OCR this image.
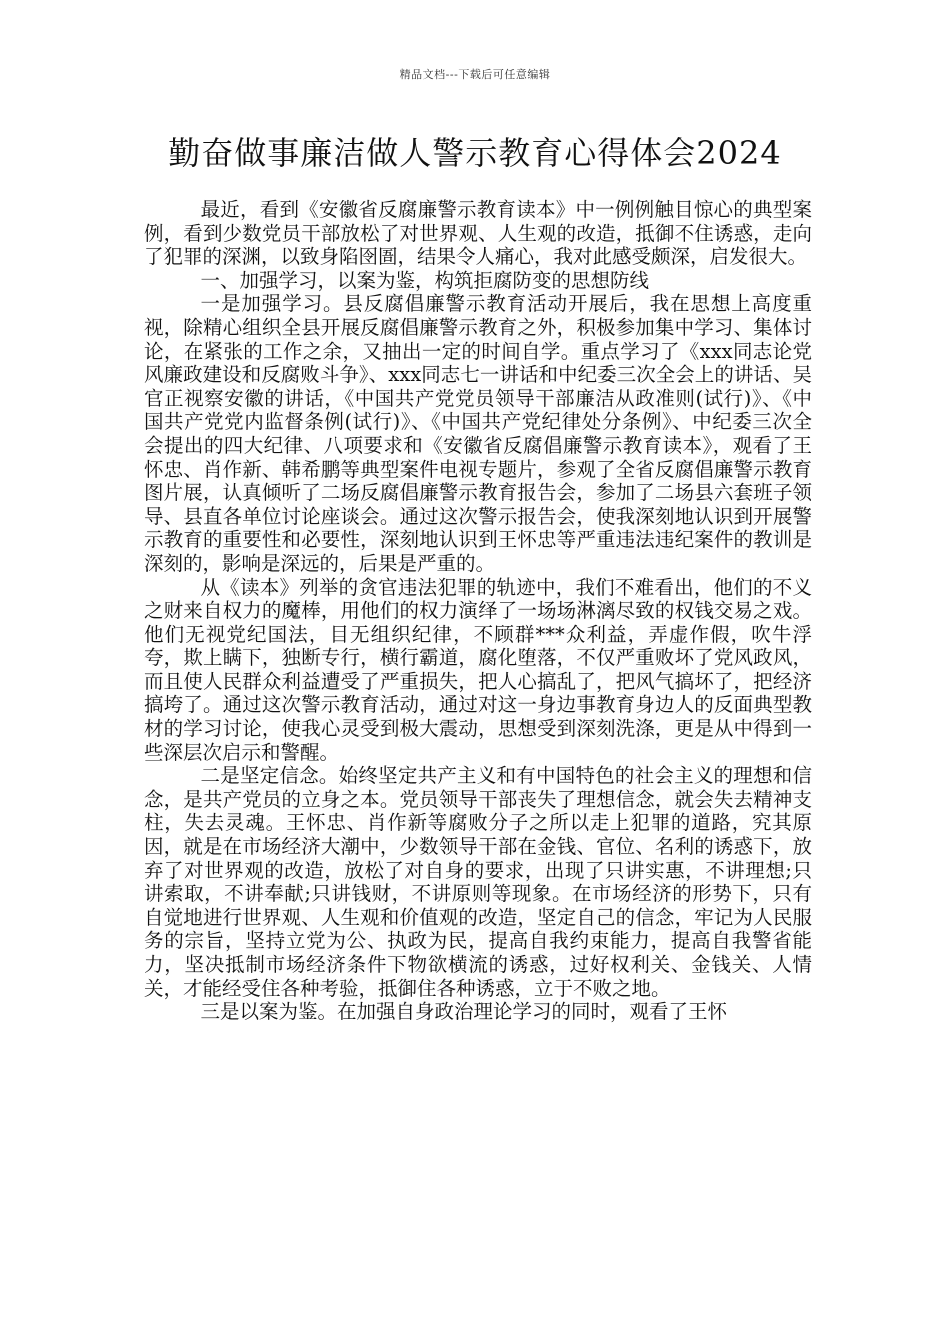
精品文档---下载后可任意编辑
勤奋做事廉洁做人警示教育心得体会2024

最近，看到《安徽省反腐廉警示教育读本》中一例例触目惊心的典型案例，看到少数党员干部放松了对世界观、人生观的改造，抵御不住诱惑，走向了犯罪的深渊，以致身陷囹圄，结果令人痛心，我对此感受颇深，启发很大。

一、加强学习，以案为鉴，构筑拒腐防变的思想防线

一是加强学习。县反腐倡廉警示教育活动开展后，我在思想上高度重视，除精心组织全县开展反腐倡廉警示教育之外，积极参加集中学习、集体讨论，在紧张的工作之余，又抽出一定的时间自学。重点学习了《xxx同志论党风廉政建设和反腐败斗争》、xxx同志七一讲话和中纪委三次全会上的讲话、吴官正视察安徽的讲话，《中国共产党党员领导干部廉洁从政准则(试行)》、《中国共产党党内监督条例(试行)》、《中国共产党纪律处分条例》、中纪委三次全会提出的四大纪律、八项要求和《安徽省反腐倡廉警示教育读本》，观看了王怀忠、肖作新、韩希鹏等典型案件电视专题片，参观了全省反腐倡廉警示教育图片展，认真倾听了二场反腐倡廉警示教育报告会，参加了二场县六套班子领导、县直各单位讨论座谈会。通过这次警示报告会，使我深刻地认识到开展警示教育的重要性和必要性，深刻地认识到王怀忠等严重违法违纪案件的教训是深刻的，影响是深远的，后果是严重的。

从《读本》列举的贪官违法犯罪的轨迹中，我们不难看出，他们的不义之财来自权力的魔棒，用他们的权力演绎了一场场淋漓尽致的权钱交易之戏。他们无视党纪国法，目无组织纪律，不顾群***众利益，弄虚作假，吹牛浮夸，欺上瞒下，独断专行，横行霸道，腐化堕落，不仅严重败坏了党风政风，而且使人民群众利益遭受了严重损失，把人心搞乱了，把风气搞坏了，把经济搞垮了。通过这次警示教育活动，通过对这一身边事教育身边人的反面典型教材的学习讨论，使我心灵受到极大震动，思想受到深刻洗涤，更是从中得到一些深层次启示和警醒。

二是坚定信念。始终坚定共产主义和有中国特色的社会主义的理想和信念，是共产党员的立身之本。党员领导干部丧失了理想信念，就会失去精神支柱，失去灵魂。王怀忠、肖作新等腐败分子之所以走上犯罪的道路，究其原因，就是在市场经济大潮中，少数领导干部在金钱、官位、名利的诱惑下，放弃了对世界观的改造，放松了对自身的要求，出现了只讲实惠，不讲理想;只讲索取，不讲奉献;只讲钱财，不讲原则等现象。在市场经济的形势下，只有自觉地进行世界观、人生观和价值观的改造，坚定自己的信念，牢记为人民服务的宗旨，坚持立党为公、执政为民，提高自我约束能力，提高自我警省能力，坚决抵制市场经济条件下物欲横流的诱惑，过好权利关、金钱关、人情关，才能经受住各种考验，抵御住各种诱惑，立于不败之地。

三是以案为鉴。在加强自身政治理论学习的同时，观看了王怀
